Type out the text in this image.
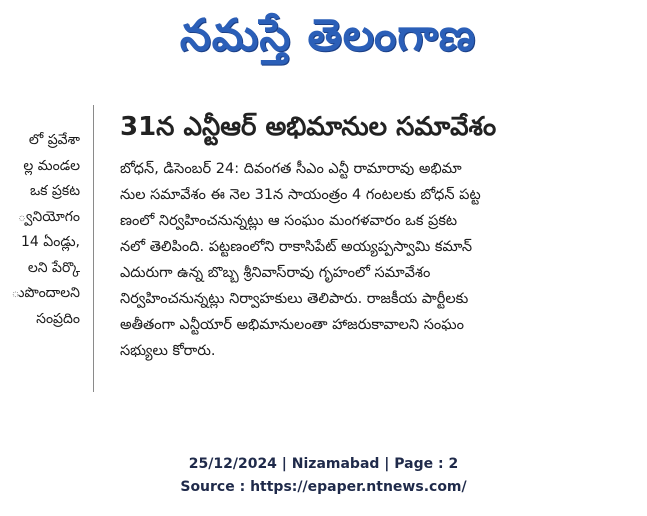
నమస్తే తెలంగాణ
లో ప్రవేశా
ల్ల మండల
ఒక ప్రకట
్వనియోగం
14 ఏండ్లు,
లని పేర్కొ
ుపొందాలని
సంప్రదిం
31న ఎన్టీఆర్ అభిమానుల సమావేశం
బోధన్, డిసెంబర్ 24: దివంగత సీఎం ఎన్టీ రామారావు అభిమా
నుల సమావేశం ఈ నెల 31న సాయంత్రం 4 గంటలకు బోధన్ పట్ట
ణంలో నిర్వహించనున్నట్లు ఆ సంఘం మంగళవారం ఒక ప్రకట
నలో తెలిపింది. పట్టణంలోని రాకాసిపేట్ అయ్యప్పస్వామి కమాన్
ఎదురుగా ఉన్న బొబ్బ శ్రీనివాస్‌రావు గృహంలో సమావేశం
నిర్వహించనున్నట్లు నిర్వాహకులు తెలిపారు. రాజకీయ పార్టీలకు
అతీతంగా ఎన్టీయార్ అభిమానులంతా హాజరుకావాలని సంఘం
సభ్యులు కోరారు.
25/12/2024 | Nizamabad | Page : 2
Source : https://epaper.ntnews.com/
